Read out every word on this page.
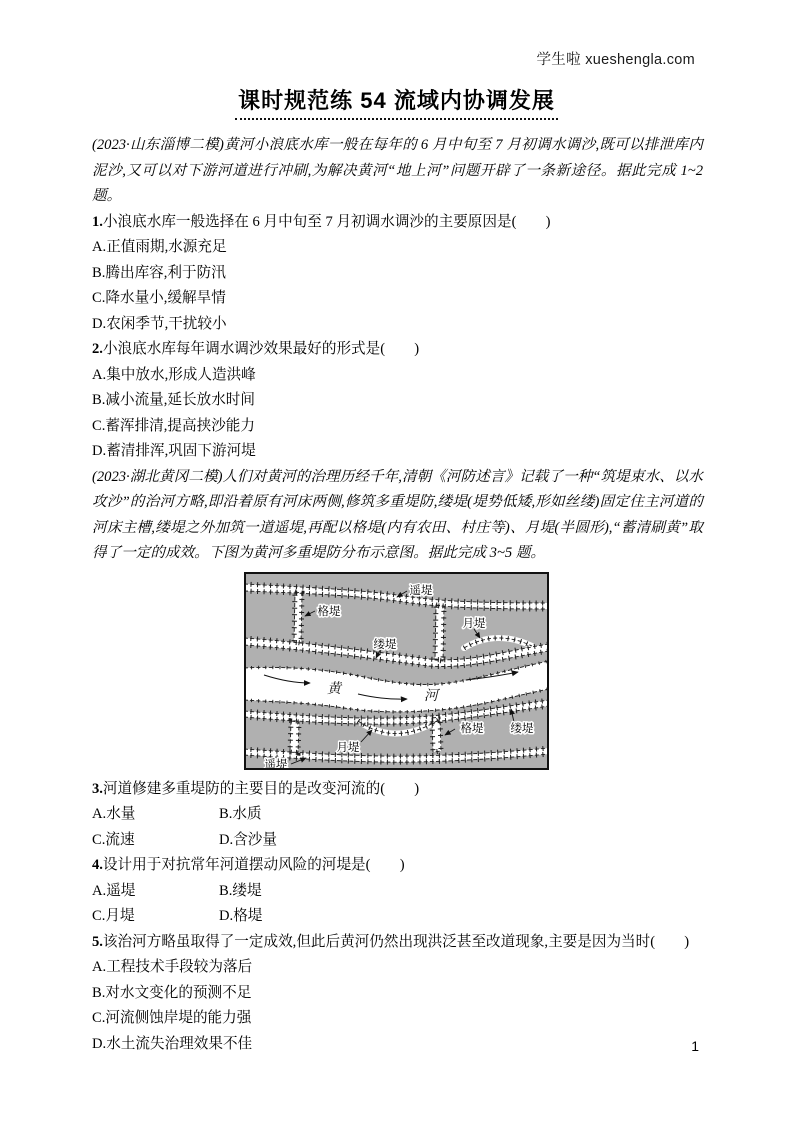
学生啦 xueshengla.com
课时规范练 54 流域内协调发展
(2023·山东淄博二模)黄河小浪底水库一般在每年的 6 月中旬至 7 月初调水调沙,既可以排泄库内泥沙,又可以对下游河道进行冲刷,为解决黄河“地上河”问题开辟了一条新途径。据此完成 1~2 题。
1.小浪底水库一般选择在 6 月中旬至 7 月初调水调沙的主要原因是(　　)
A.正值雨期,水源充足
B.腾出库容,利于防汛
C.降水量小,缓解旱情
D.农闲季节,干扰较小
2.小浪底水库每年调水调沙效果最好的形式是(　　)
A.集中放水,形成人造洪峰
B.减小流量,延长放水时间
C.蓄浑排清,提高挟沙能力
D.蓄清排浑,巩固下游河堤
(2023·湖北黄冈二模)人们对黄河的治理历经千年,清朝《河防述言》记载了一种“筑堤束水、以水攻沙”的治河方略,即沿着原有河床两侧,修筑多重堤防,缕堤(堤势低矮,形如丝缕)固定住主河道的河床主槽,缕堤之外加筑一道遥堤,再配以格堤(内有农田、村庄等)、月堤(半圆形),“蓄清刷黄”取得了一定的成效。下图为黄河多重堤防分布示意图。据此完成 3~5 题。
黄	河
遥堤
格堤
缕堤
月堤
月堤
格堤 缕堤
遥堤
3.河道修建多重堤防的主要目的是改变河流的(　　)
A.水量	B.水质
C.流速	D.含沙量
4.设计用于对抗常年河道摆动风险的河堤是(　　)
A.遥堤	B.缕堤
C.月堤	D.格堤
5.该治河方略虽取得了一定成效,但此后黄河仍然出现洪泛甚至改道现象,主要是因为当时(　　)
A.工程技术手段较为落后
B.对水文变化的预测不足
C.河流侧蚀岸堤的能力强
D.水土流失治理效果不佳	1
